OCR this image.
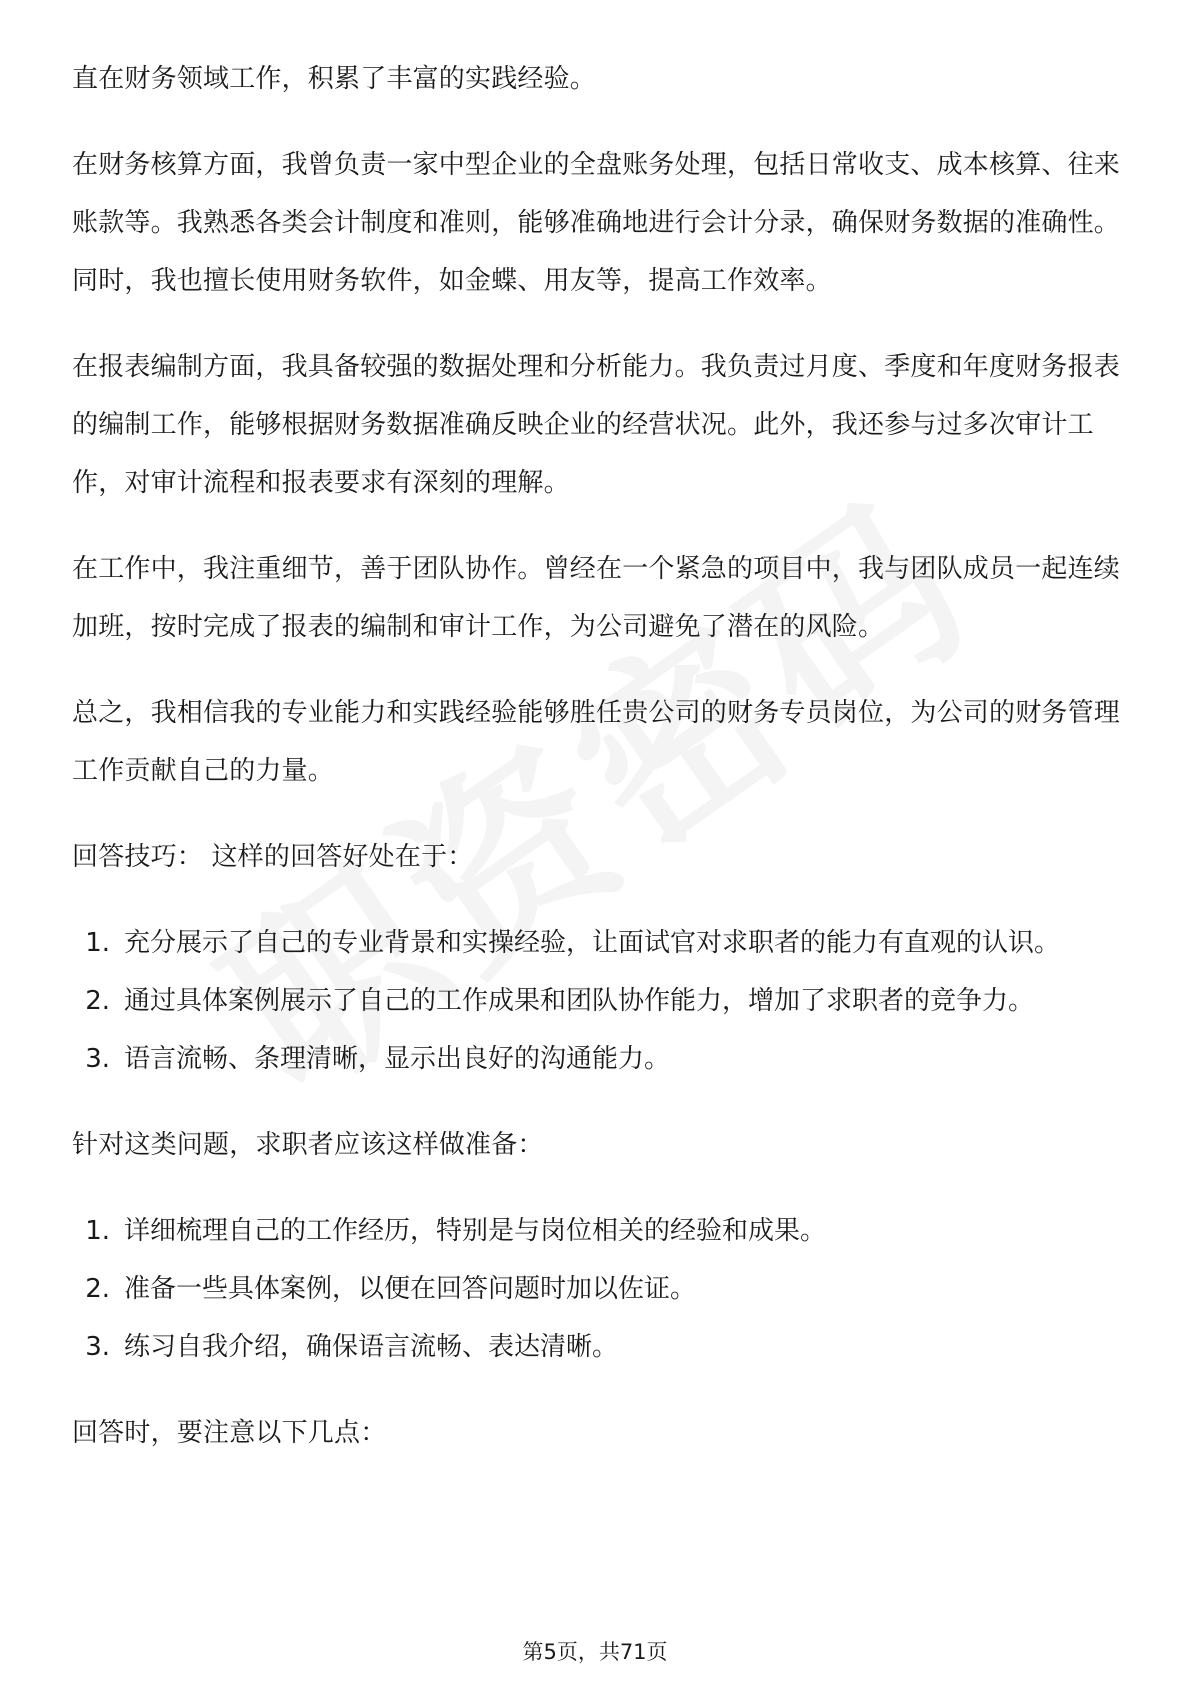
直在财务领域工作，积累了丰富的实践经验。

在财务核算方面，我曾负责一家中型企业的全盘账务处理，包括日常收支、成本核算、往来账款等。我熟悉各类会计制度和准则，能够准确地进行会计分录，确保财务数据的准确性。同时，我也擅长使用财务软件，如金蝶、用友等，提高工作效率。

在报表编制方面，我具备较强的数据处理和分析能力。我负责过月度、季度和年度财务报表的编制工作，能够根据财务数据准确反映企业的经营状况。此外，我还参与过多次审计工作，对审计流程和报表要求有深刻的理解。

在工作中，我注重细节，善于团队协作。曾经在一个紧急的项目中，我与团队成员一起连续加班，按时完成了报表的编制和审计工作，为公司避免了潜在的风险。

总之，我相信我的专业能力和实践经验能够胜任贵公司的财务专员岗位，为公司的财务管理工作贡献自己的力量。

回答技巧： 这样的回答好处在于：

1. 充分展示了自己的专业背景和实操经验，让面试官对求职者的能力有直观的认识。
2. 通过具体案例展示了自己的工作成果和团队协作能力，增加了求职者的竞争力。
3. 语言流畅、条理清晰，显示出良好的沟通能力。

针对这类问题，求职者应该这样做准备：

1. 详细梳理自己的工作经历，特别是与岗位相关的经验和成果。
2. 准备一些具体案例，以便在回答问题时加以佐证。
3. 练习自我介绍，确保语言流畅、表达清晰。

回答时，要注意以下几点：

第5页，共71页
